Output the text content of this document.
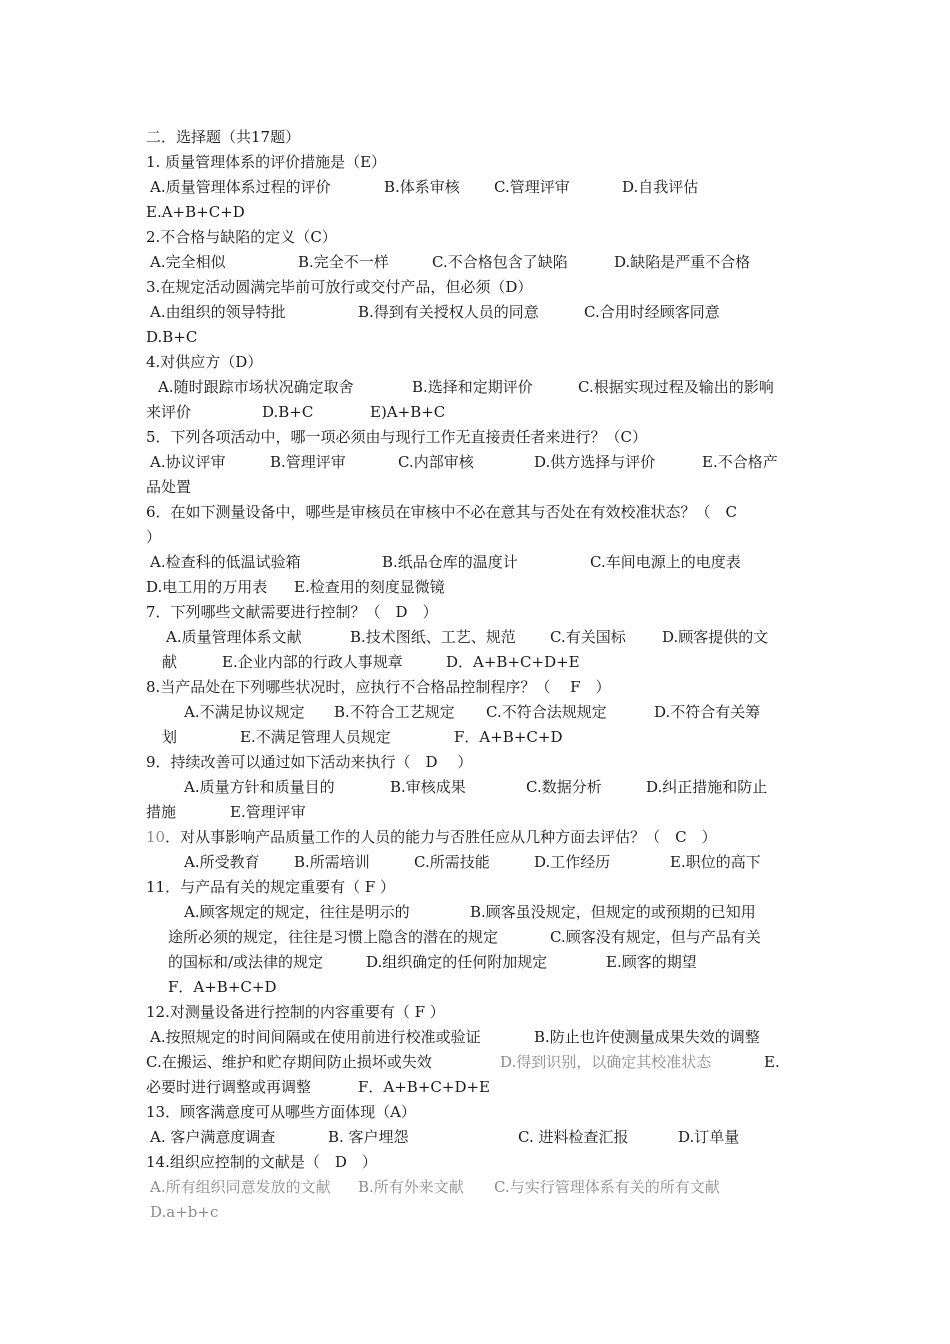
二．选择题（共17题）
1. 质量管理体系的评价措施是（E）
A.质量管理体系过程的评价	B.体系审核 C.管理评审	D.自我评估
E.A+B+C+D
2.不合格与缺陷的定义（C）
A.完全相似	B.完全不一样	C.不合格包含了缺陷	D.缺陷是严重不合格
3.在规定活动圆满完毕前可放行或交付产品，但必须（D）
A.由组织的领导特批	B.得到有关授权人员的同意	C.合用时经顾客同意
D.B+C
4.对供应方（D）
A.随时跟踪市场状况确定取舍	B.选择和定期评价	C.根据实现过程及输出的影响
来评价	D.B+C	E)A+B+C
5．下列各项活动中，哪一项必须由与现行工作无直接责任者来进行？（C）
A.协议评审	B.管理评审	C.内部审核	D.供方选择与评价	E.不合格产
品处置
6．在如下测量设备中，哪些是审核员在审核中不必在意其与否处在有效校准状态？（　C
）
A.检查科的低温试验箱	B.纸品仓库的温度计	C.车间电源上的电度表
D.电工用的万用表 E.检查用的刻度显微镜
7．下列哪些文献需要进行控制？（　D　）
A.质量管理体系文献	B.技术图纸、工艺、规范 C.有关国标 D.顾客提供的文
献	E.企业内部的行政人事规章	D．A+B+C+D+E
8.当产品处在下列哪些状况时，应执行不合格品控制程序？（　 F　）
A.不满足协议规定 B.不符合工艺规定 C.不符合法规规定	D.不符合有关筹
划	E.不满足管理人员规定	F．A+B+C+D
9．持续改善可以通过如下活动来执行（　D　 ）
A.质量方针和质量目的	B.审核成果	C.数据分析	D.纠正措施和防止
措施	E.管理评审
10．对从事影响产品质量工作的人员的能力与否胜任应从几种方面去评估？（　C　）
A.所受教育 B.所需培训	C.所需技能	D.工作经历	E.职位的高下
11．与产品有关的规定重要有（ F ）
A.顾客规定的规定，往往是明示的	B.顾客虽没规定，但规定的或预期的已知用
途所必须的规定，往往是习惯上隐含的潜在的规定	C.顾客没有规定，但与产品有关
的国标和/或法律的规定	D.组织确定的任何附加规定	E.顾客的期望
F．A+B+C+D
12.对测量设备进行控制的内容重要有（ F ）
A.按照规定的时间间隔或在使用前进行校准或验证	B.防止也许使测量成果失效的调整
C.在搬运、维护和贮存期间防止损坏或失效	D.得到识别，以确定其校准状态	E.
必要时进行调整或再调整	F．A+B+C+D+E
13．顾客满意度可从哪些方面体现（A）
A. 客户满意度调查	B. 客户埋怨	C. 进料检查汇报	D.订单量
14.组织应控制的文献是（　D　）
A.所有组织同意发放的文献 B.所有外来文献 C.与实行管理体系有关的所有文献
D.a+b+c
